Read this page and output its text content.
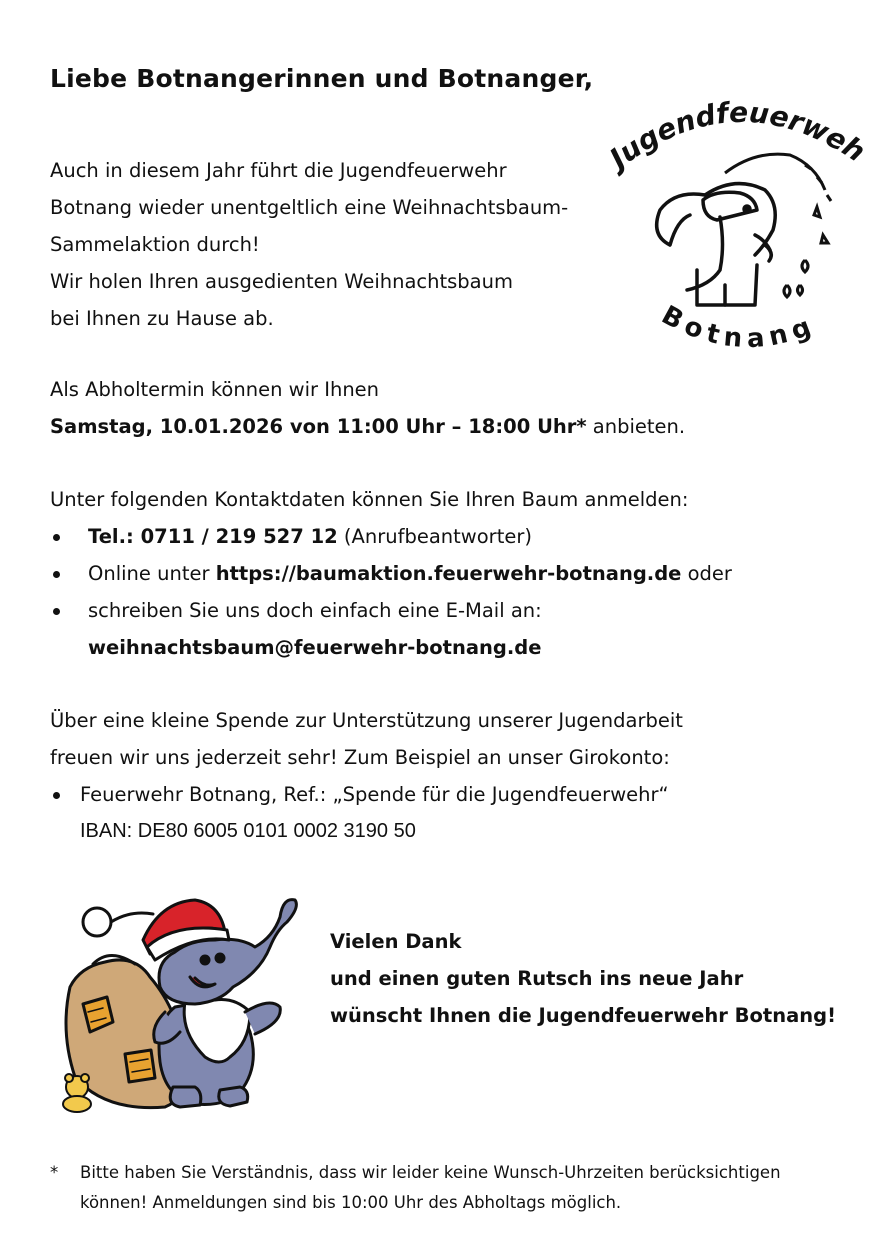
Liebe Botnangerinnen und Botnanger,
Jugendfeuerweh
Botnang
Auch in diesem Jahr führt die Jugendfeuerwehr
Botnang wieder unentgeltlich eine Weihnachtsbaum-
Sammelaktion durch!
Wir holen Ihren ausgedienten Weihnachtsbaum
bei Ihnen zu Hause ab.
Als Abholtermin können wir Ihnen
Samstag, 10.01.2026 von 11:00 Uhr – 18:00 Uhr* anbieten.
Unter folgenden Kontaktdaten können Sie Ihren Baum anmelden:
Tel.: 0711 / 219 527 12 (Anrufbeantworter)
Online unter https://baumaktion.feuerwehr-botnang.de oder
schreiben Sie uns doch einfach eine E-Mail an:
weihnachtsbaum@feuerwehr-botnang.de
Über eine kleine Spende zur Unterstützung unserer Jugendarbeit
freuen wir uns jederzeit sehr! Zum Beispiel an unser Girokonto:
Feuerwehr Botnang, Ref.: „Spende für die Jugendfeuerwehr“
IBAN: DE80 6005 0101 0002 3190 50
Vielen Dank
und einen guten Rutsch ins neue Jahr
wünscht Ihnen die Jugendfeuerwehr Botnang!
*	Bitte haben Sie Verständnis, dass wir leider keine Wunsch-Uhrzeiten berücksichtigen
können! Anmeldungen sind bis 10:00 Uhr des Abholtags möglich.
